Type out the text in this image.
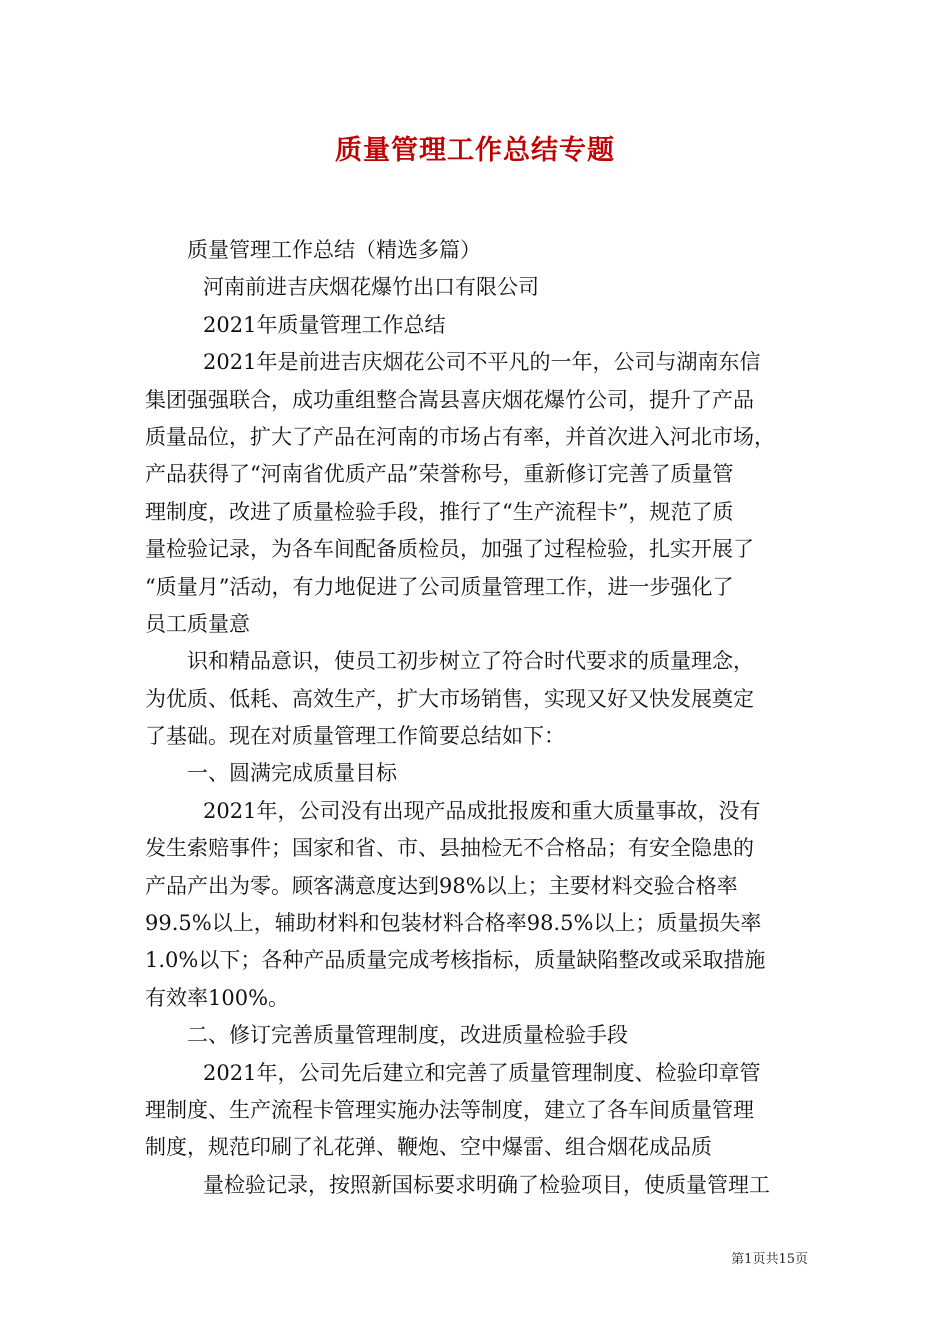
质量管理工作总结专题
质量管理工作总结（精选多篇）
河南前进吉庆烟花爆竹出口有限公司
2021年质量管理工作总结
2021年是前进吉庆烟花公司不平凡的一年，公司与湖南东信
集团强强联合，成功重组整合嵩县喜庆烟花爆竹公司，提升了产品
质量品位，扩大了产品在河南的市场占有率，并首次进入河北市场，
产品获得了“河南省优质产品”荣誉称号，重新修订完善了质量管
理制度，改进了质量检验手段，推行了“生产流程卡”，规范了质
量检验记录，为各车间配备质检员，加强了过程检验，扎实开展了
“质量月”活动，有力地促进了公司质量管理工作，进一步强化了
员工质量意
识和精品意识，使员工初步树立了符合时代要求的质量理念，
为优质、低耗、高效生产，扩大市场销售，实现又好又快发展奠定
了基础。现在对质量管理工作简要总结如下：
一、圆满完成质量目标
2021年，公司没有出现产品成批报废和重大质量事故，没有
发生索赔事件；国家和省、市、县抽检无不合格品；有安全隐患的
产品产出为零。顾客满意度达到98%以上；主要材料交验合格率
99.5%以上，辅助材料和包装材料合格率98.5%以上；质量损失率
1.0%以下；各种产品质量完成考核指标，质量缺陷整改或采取措施
有效率100%。
二、修订完善质量管理制度，改进质量检验手段
2021年，公司先后建立和完善了质量管理制度、检验印章管
理制度、生产流程卡管理实施办法等制度，建立了各车间质量管理
制度，规范印刷了礼花弹、鞭炮、空中爆雷、组合烟花成品质
量检验记录，按照新国标要求明确了检验项目，使质量管理工
第1页共15页
